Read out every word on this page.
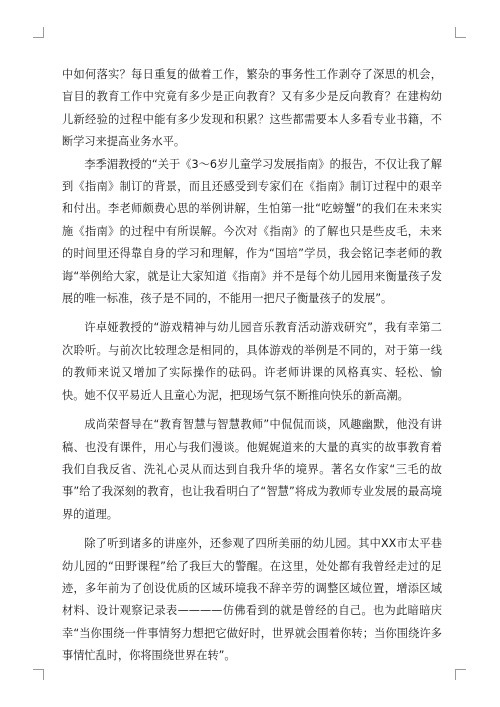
中如何落实？每日重复的做着工作，繁杂的事务性工作剥夺了深思的机会，盲目的教育工作中究竟有多少是正向教育？又有多少是反向教育？在建构幼儿新经验的过程中能有多少发现和积累？这些都需要本人多看专业书籍，不断学习来提高业务水平。

李季湄教授的“关于《3～6岁儿童学习发展指南》的报告，不仅让我了解到《指南》制订的背景，而且还感受到专家们在《指南》制订过程中的艰辛和付出。李老师颇费心思的举例讲解，生怕第一批“吃螃蟹”的我们在未来实施《指南》的过程中有所误解。今次对《指南》的了解也只是些皮毛，未来的时间里还得靠自身的学习和理解，作为“国培”学员，我会铭记李老师的教诲“举例给大家，就是让大家知道《指南》并不是每个幼儿园用来衡量孩子发展的唯一标准，孩子是不同的，不能用一把尺子衡量孩子的发展”。

许卓娅教授的“游戏精神与幼儿园音乐教育活动游戏研究”，我有幸第二次聆听。与前次比较理念是相同的，具体游戏的举例是不同的，对于第一线的教师来说又增加了实际操作的砝码。许老师讲课的风格真实、轻松、愉快。她不仅平易近人且童心为泥，把现场气氛不断推向快乐的新高潮。

成尚荣督导在“教育智慧与智慧教师”中侃侃而谈，风趣幽默，他没有讲稿、也没有课件，用心与我们漫谈。他娓娓道来的大量的真实的故事教育着我们自我反省、洗礼心灵从而达到自我升华的境界。著名女作家“三毛的故事”给了我深刻的教育，也让我看明白了“智慧”将成为教师专业发展的最高境界的道理。

除了听到诸多的讲座外，还参观了四所美丽的幼儿园。其中XX市太平巷幼儿园的“田野课程”给了我巨大的警醒。在这里，处处都有我曾经走过的足迹，多年前为了创设优质的区域环境我不辞辛劳的调整区域位置，增添区域材料、设计观察记录表————仿佛看到的就是曾经的自己。也为此暗暗庆幸“当你围绕一件事情努力想把它做好时，世界就会围着你转；当你围绕许多事情忙乱时，你将围绕世界在转”。
